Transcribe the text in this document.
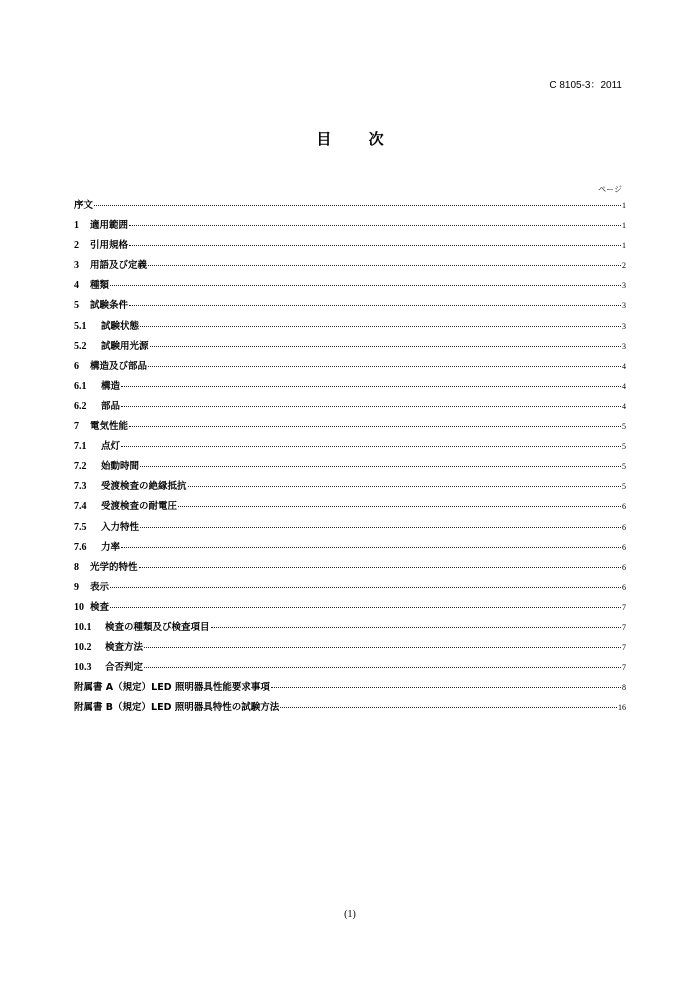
C 8105-3：2011
目 次
ページ
序文	1
1	適用範囲	1
2	引用規格	1
3	用語及び定義	2
4	種類	3
5	試験条件	3
5.1	試験状態	3
5.2	試験用光源	3
6	構造及び部品	4
6.1	構造	4
6.2	部品	4
7	電気性能	5
7.1	点灯	5
7.2	始動時間	5
7.3	受渡検査の絶縁抵抗	5
7.4	受渡検査の耐電圧	6
7.5	入力特性	6
7.6	力率	6
8	光学的特性	6
9	表示	6
10 検査	7
10.1	検査の種類及び検査項目	7
10.2	検査方法	7
10.3	合否判定	7
附属書 A（規定）LED 照明器具性能要求事項	8
附属書 B（規定）LED 照明器具特性の試験方法	16
(1)
